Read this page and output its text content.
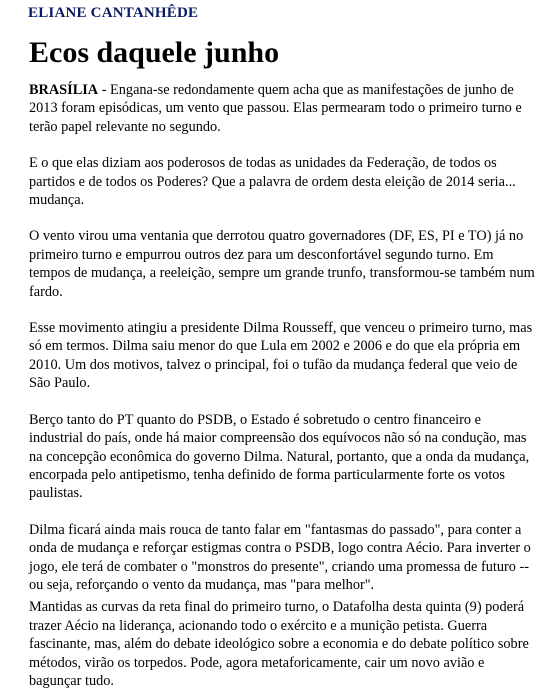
ELIANE CANTANHÊDE
Ecos daquele junho

BRASÍLIA - Engana-se redondamente quem acha que as manifestações de junho de 2013 foram episódicas, um vento que passou. Elas permearam todo o primeiro turno e terão papel relevante no segundo.

E o que elas diziam aos poderosos de todas as unidades da Federação, de todos os partidos e de todos os Poderes? Que a palavra de ordem desta eleição de 2014 seria... mudança.

O vento virou uma ventania que derrotou quatro governadores (DF, ES, PI e TO) já no primeiro turno e empurrou outros dez para um desconfortável segundo turno. Em tempos de mudança, a reeleição, sempre um grande trunfo, transformou-se também num fardo.

Esse movimento atingiu a presidente Dilma Rousseff, que venceu o primeiro turno, mas só em termos. Dilma saiu menor do que Lula em 2002 e 2006 e do que ela própria em 2010. Um dos motivos, talvez o principal, foi o tufão da mudança federal que veio de São Paulo.

Berço tanto do PT quanto do PSDB, o Estado é sobretudo o centro financeiro e industrial do país, onde há maior compreensão dos equívocos não só na condução, mas na concepção econômica do governo Dilma. Natural, portanto, que a onda da mudança, encorpada pelo antipetismo, tenha definido de forma particularmente forte os votos paulistas.

Dilma ficará ainda mais rouca de tanto falar em "fantasmas do passado", para conter a onda de mudança e reforçar estigmas contra o PSDB, logo contra Aécio. Para inverter o jogo, ele terá de combater o "monstros do presente", criando uma promessa de futuro --ou seja, reforçando o vento da mudança, mas "para melhor".

Mantidas as curvas da reta final do primeiro turno, o Datafolha desta quinta (9) poderá trazer Aécio na liderança, acionando todo o exército e a munição petista. Guerra fascinante, mas, além do debate ideológico sobre a economia e do debate político sobre métodos, virão os torpedos. Pode, agora metaforicamente, cair um novo avião e bagunçar tudo.
